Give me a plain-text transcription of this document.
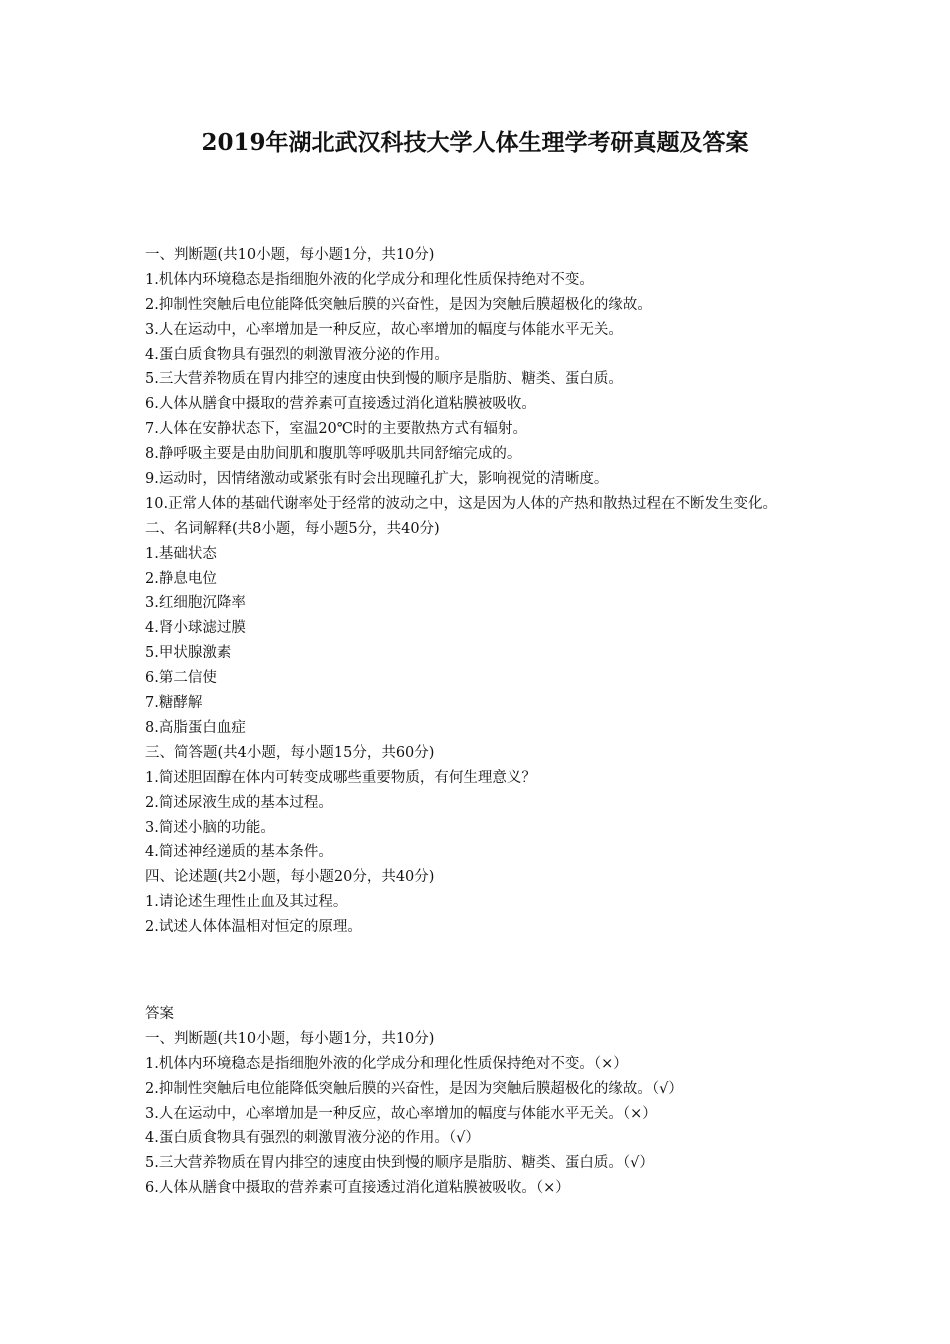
2019年湖北武汉科技大学人体生理学考研真题及答案
一、判断题(共10小题，每小题1分，共10分)
1.机体内环境稳态是指细胞外液的化学成分和理化性质保持绝对不变。
2.抑制性突触后电位能降低突触后膜的兴奋性，是因为突触后膜超极化的缘故。
3.人在运动中，心率增加是一种反应，故心率增加的幅度与体能水平无关。
4.蛋白质食物具有强烈的刺激胃液分泌的作用。
5.三大营养物质在胃内排空的速度由快到慢的顺序是脂肪、糖类、蛋白质。
6.人体从膳食中摄取的营养素可直接透过消化道粘膜被吸收。
7.人体在安静状态下，室温20℃时的主要散热方式有辐射。
8.静呼吸主要是由肋间肌和腹肌等呼吸肌共同舒缩完成的。
9.运动时，因情绪激动或紧张有时会出现瞳孔扩大，影响视觉的清晰度。
10.正常人体的基础代谢率处于经常的波动之中，这是因为人体的产热和散热过程在不断发生变化。
二、名词解释(共8小题，每小题5分，共40分)
1.基础状态
2.静息电位
3.红细胞沉降率
4.肾小球滤过膜
5.甲状腺激素
6.第二信使
7.糖酵解
8.高脂蛋白血症
三、简答题(共4小题，每小题15分，共60分)
1.简述胆固醇在体内可转变成哪些重要物质，有何生理意义？
2.简述尿液生成的基本过程。
3.简述小脑的功能。
4.简述神经递质的基本条件。
四、论述题(共2小题，每小题20分，共40分)
1.请论述生理性止血及其过程。
2.试述人体体温相对恒定的原理。
答案
一、判断题(共10小题，每小题1分，共10分)
1.机体内环境稳态是指细胞外液的化学成分和理化性质保持绝对不变。（×）
2.抑制性突触后电位能降低突触后膜的兴奋性，是因为突触后膜超极化的缘故。（√）
3.人在运动中，心率增加是一种反应，故心率增加的幅度与体能水平无关。（×）
4.蛋白质食物具有强烈的刺激胃液分泌的作用。（√）
5.三大营养物质在胃内排空的速度由快到慢的顺序是脂肪、糖类、蛋白质。（√）
6.人体从膳食中摄取的营养素可直接透过消化道粘膜被吸收。（×）
